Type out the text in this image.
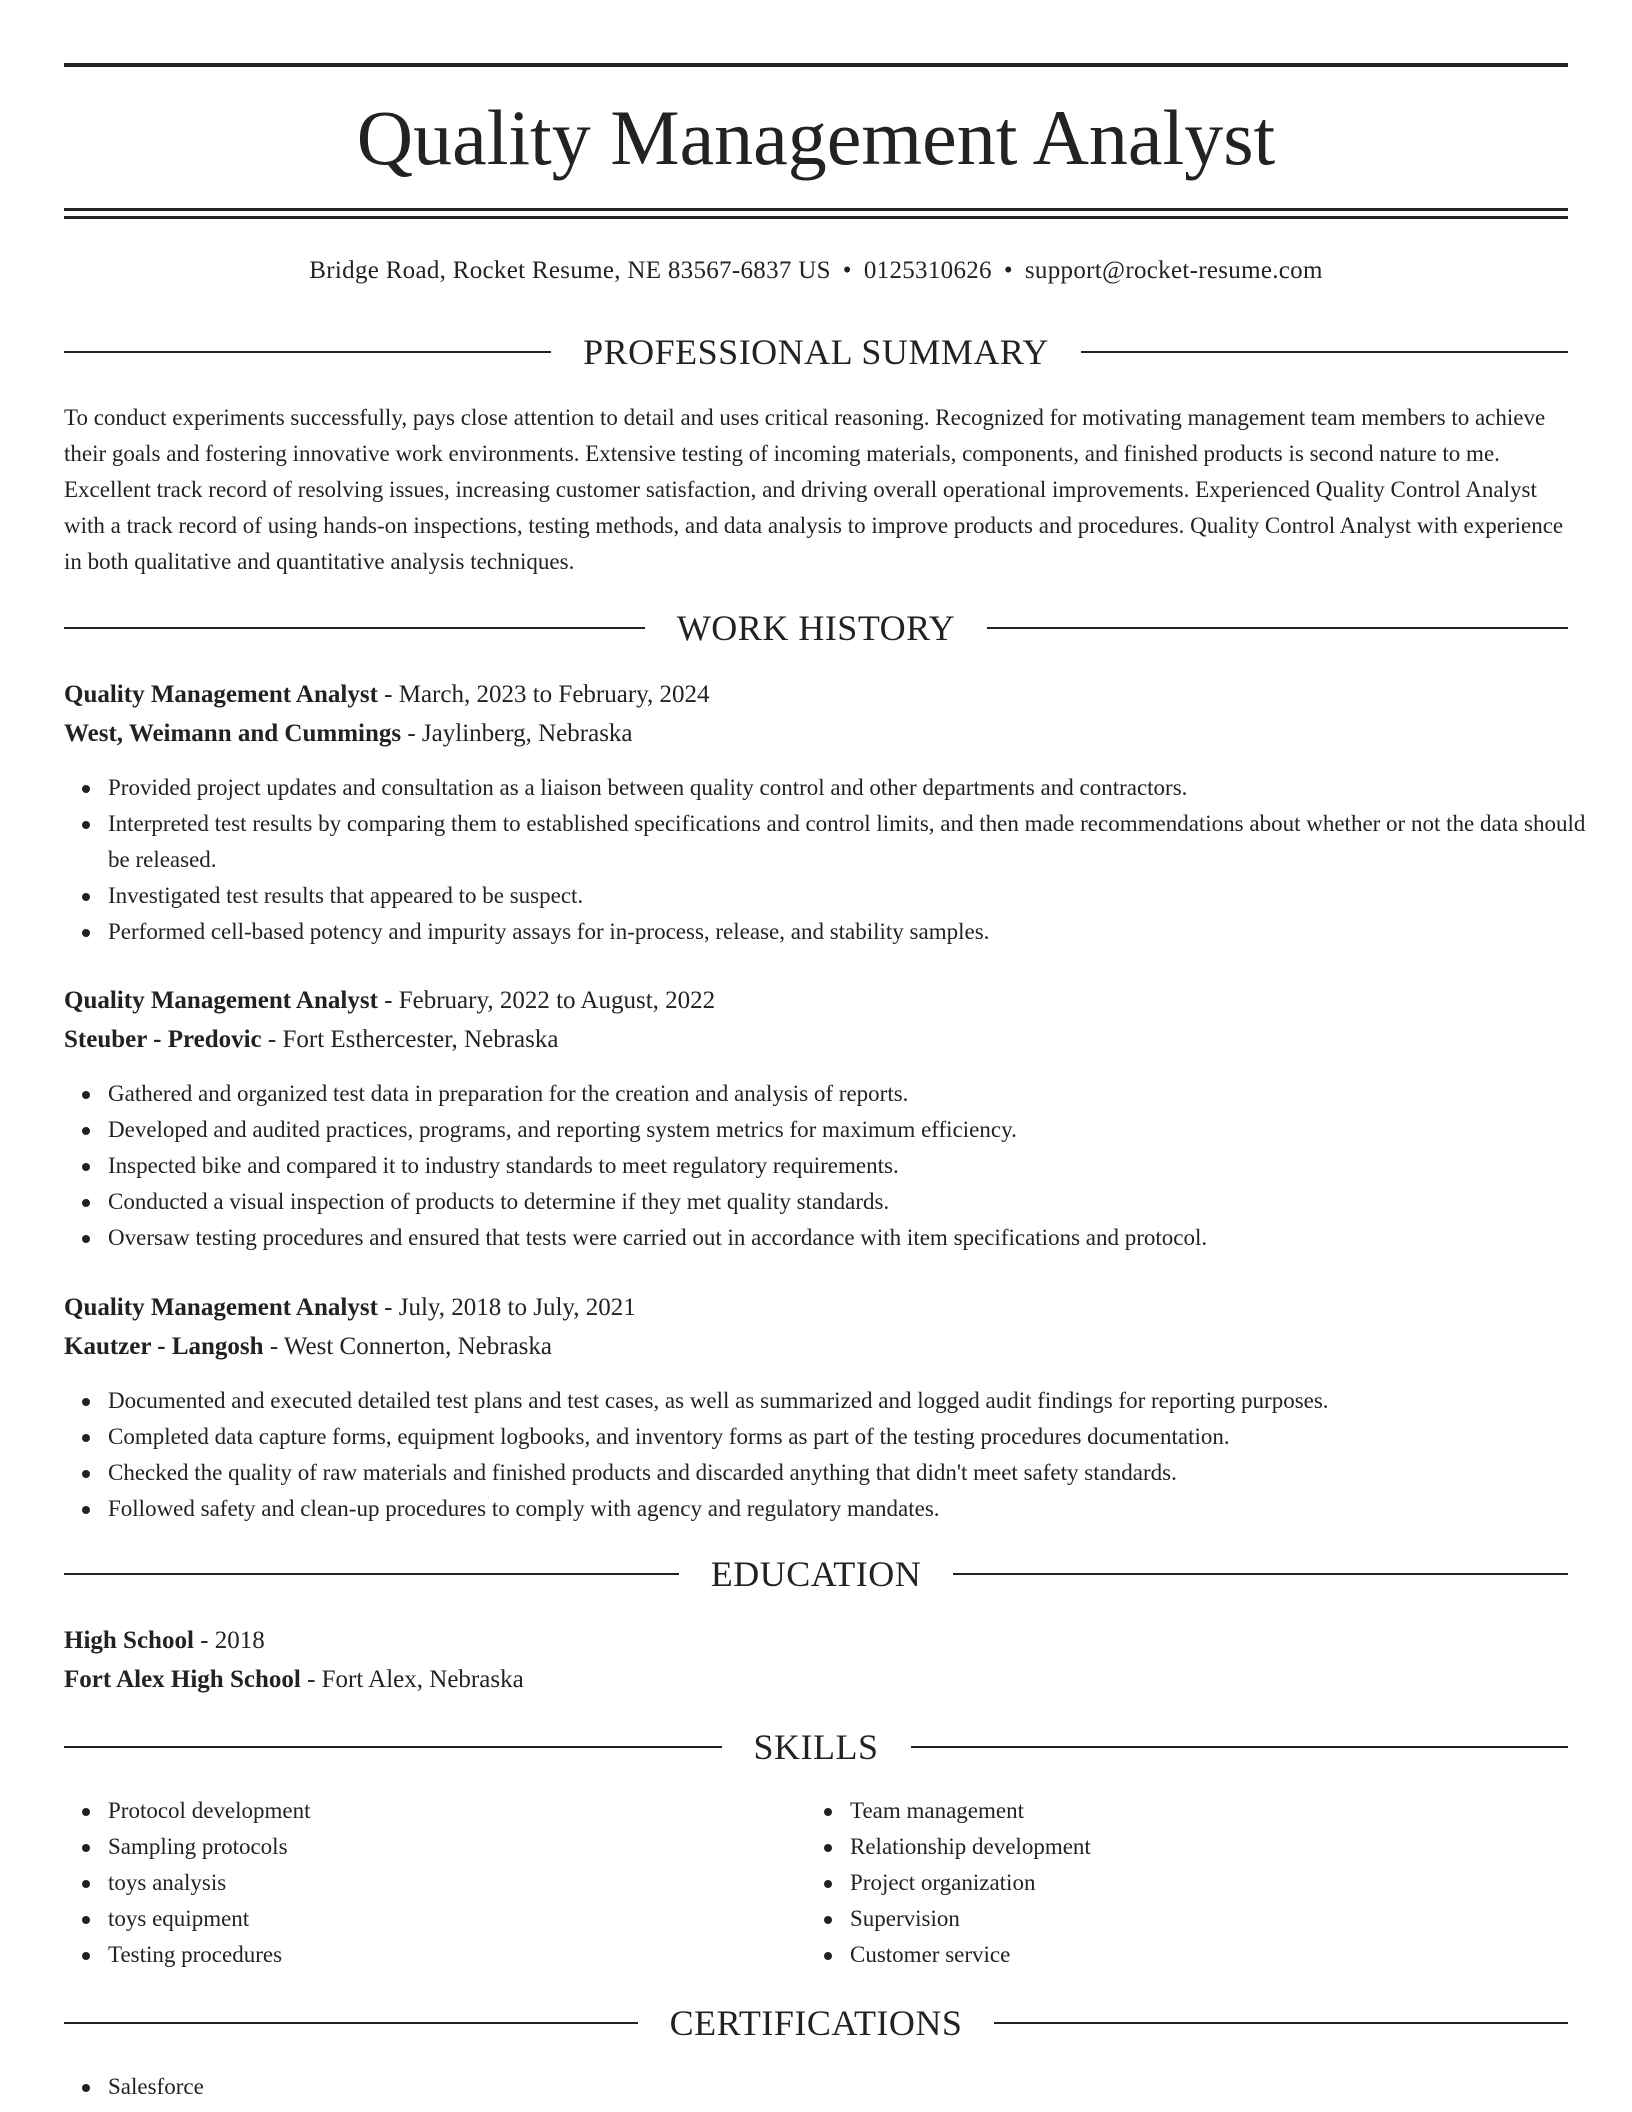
Quality Management Analyst
Bridge Road, Rocket Resume, NE 83567-6837 US • 0125310626 • support@rocket-resume.com
PROFESSIONAL SUMMARY

To conduct experiments successfully, pays close attention to detail and uses critical reasoning. Recognized for motivating management team members to achieve their goals and fostering innovative work environments. Extensive testing of incoming materials, components, and finished products is second nature to me. Excellent track record of resolving issues, increasing customer satisfaction, and driving overall operational improvements. Experienced Quality Control Analyst with a track record of using hands-on inspections, testing methods, and data analysis to improve products and procedures. Quality Control Analyst with experience in both qualitative and quantitative analysis techniques.

WORK HISTORY
Quality Management Analyst - March, 2023 to February, 2024
West, Weimann and Cummings - Jaylinberg, Nebraska
Provided project updates and consultation as a liaison between quality control and other departments and contractors.
Interpreted test results by comparing them to established specifications and control limits, and then made recommendations about whether or not the data should be released.
Investigated test results that appeared to be suspect.
Performed cell-based potency and impurity assays for in-process, release, and stability samples.
Quality Management Analyst - February, 2022 to August, 2022
Steuber - Predovic - Fort Esthercester, Nebraska
Gathered and organized test data in preparation for the creation and analysis of reports.
Developed and audited practices, programs, and reporting system metrics for maximum efficiency.
Inspected bike and compared it to industry standards to meet regulatory requirements.
Conducted a visual inspection of products to determine if they met quality standards.
Oversaw testing procedures and ensured that tests were carried out in accordance with item specifications and protocol.
Quality Management Analyst - July, 2018 to July, 2021
Kautzer - Langosh - West Connerton, Nebraska
Documented and executed detailed test plans and test cases, as well as summarized and logged audit findings for reporting purposes.
Completed data capture forms, equipment logbooks, and inventory forms as part of the testing procedures documentation.
Checked the quality of raw materials and finished products and discarded anything that didn't meet safety standards.
Followed safety and clean-up procedures to comply with agency and regulatory mandates.
EDUCATION
High School - 2018
Fort Alex High School - Fort Alex, Nebraska
SKILLS
Protocol development
Sampling protocols
toys analysis
toys equipment
Testing procedures
Team management
Relationship development
Project organization
Supervision
Customer service
CERTIFICATIONS
Salesforce
